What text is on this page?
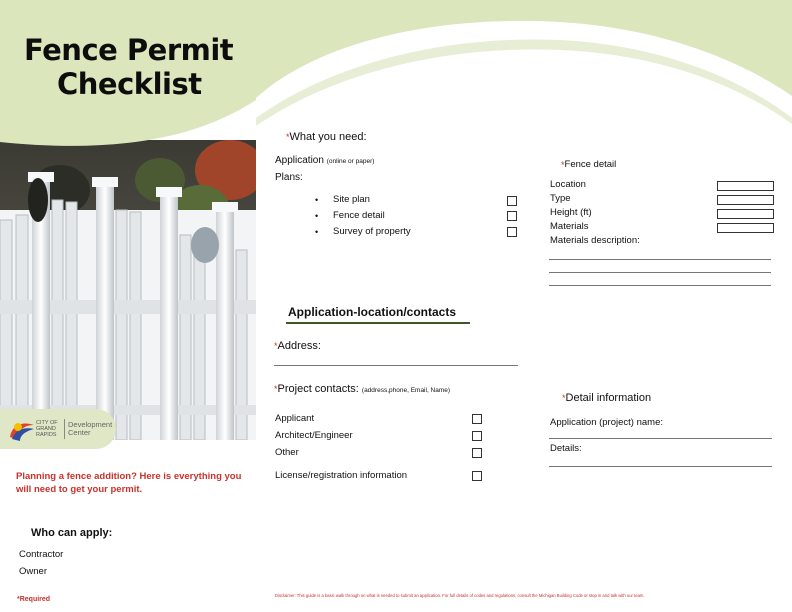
Fence Permit
Checklist
CITY OF
GRAND
RAPIDS
Development
Center
Planning a fence addition? Here is everything you
will need to get your permit.
Who can apply:
Contractor
Owner
*Required
*What you need:
Application (online or paper)
Plans:
• Site plan
• Fence detail
• Survey of property
*Fence detail
Location
Type
Height (ft)
Materials
Materials description:
Application-location/contacts
*Address:
*Project contacts: (address,phone, Email, Name)
Applicant
Architect/Engineer
Other
License/registration information
*Detail information
Application (project) name:
Details:
Disclaimer: This guide is a basic walk through on what is needed to submit an application. For full details of codes and regulations, consult the Michigan Building Code or stop in and talk with our team.
